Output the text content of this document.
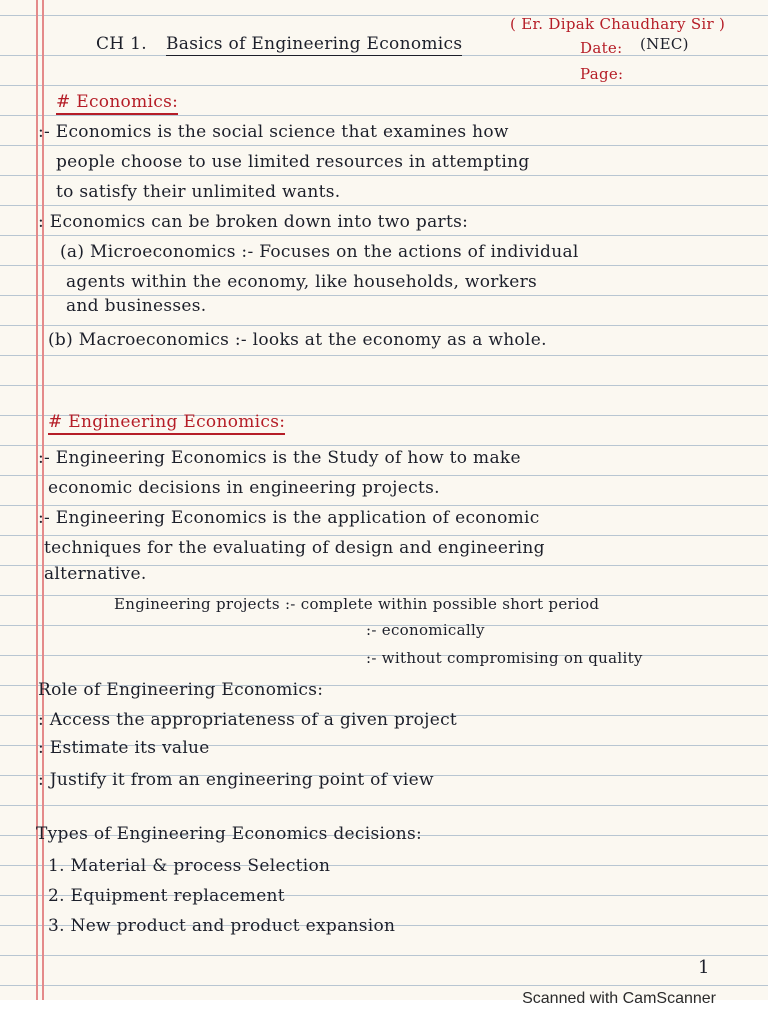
( Er. Dipak Chaudhary Sir )
CH 1. Basics of Engineering Economics	Date: (NEC)
Page:
# Economics:
:- Economics is the social science that examines how
people choose to use limited resources in attempting
to satisfy their unlimited wants.
: Economics can be broken down into two parts:
(a) Microeconomics :- Focuses on the actions of individual
agents within the economy, like households, workers
and businesses.
(b) Macroeconomics :- looks at the economy as a whole.
# Engineering Economics:
:- Engineering Economics is the Study of how to make
economic decisions in engineering projects.
:- Engineering Economics is the application of economic
techniques for the evaluating of design and engineering
alternative.
Engineering projects :- complete within possible short period
:- economically
:- without compromising on quality
Role of Engineering Economics:
: Access the appropriateness of a given project
: Estimate its value
: Justify it from an engineering point of view
Types of Engineering Economics decisions:
1. Material & process Selection
2. Equipment replacement
3. New product and product expansion
1
Scanned with CamScanner
